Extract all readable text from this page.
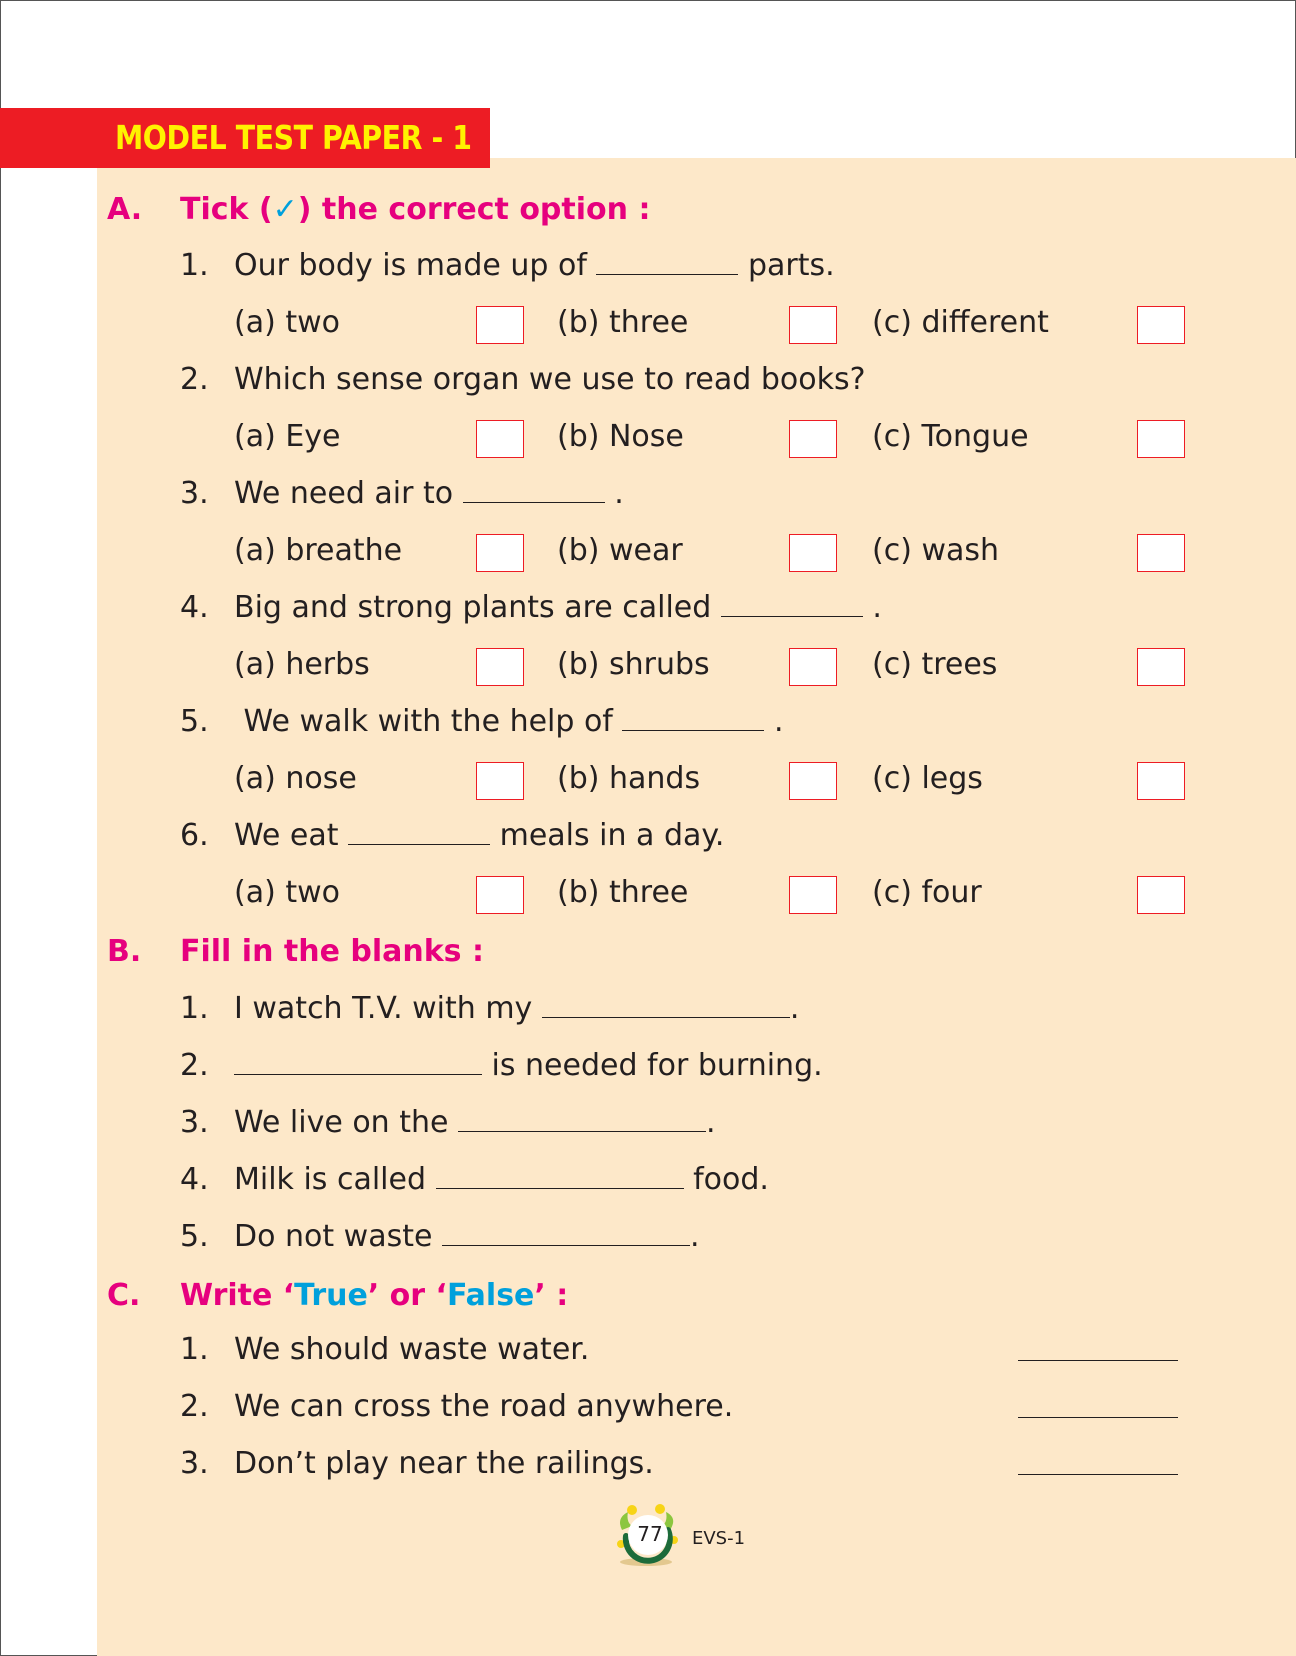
MODEL TEST PAPER - 1
A. Tick (✓) the correct option :
1. Our body is made up of	parts.
(a) two	(b) three	(c) different
2. Which sense organ we use to read books?
(a) Eye	(b) Nose	(c) Tongue
3. We need air to	.
(a) breathe	(b) wear	(c) wash
4. Big and strong plants are called	.
(a) herbs	(b) shrubs	(c) trees
5.	We walk with the help of	.
(a) nose	(b) hands	(c) legs
6. We eat	meals in a day.
(a) two	(b) three	(c) four
B. Fill in the blanks :
1. I watch T.V. with my	.
2.	is needed for burning.
3. We live on the	.
4. Milk is called	food.
5. Do not waste	.
C. Write ‘True’ or ‘False’ :
1. We should waste water.
2. We can cross the road anywhere.
3. Don’t play near the railings.
77	EVS-1
